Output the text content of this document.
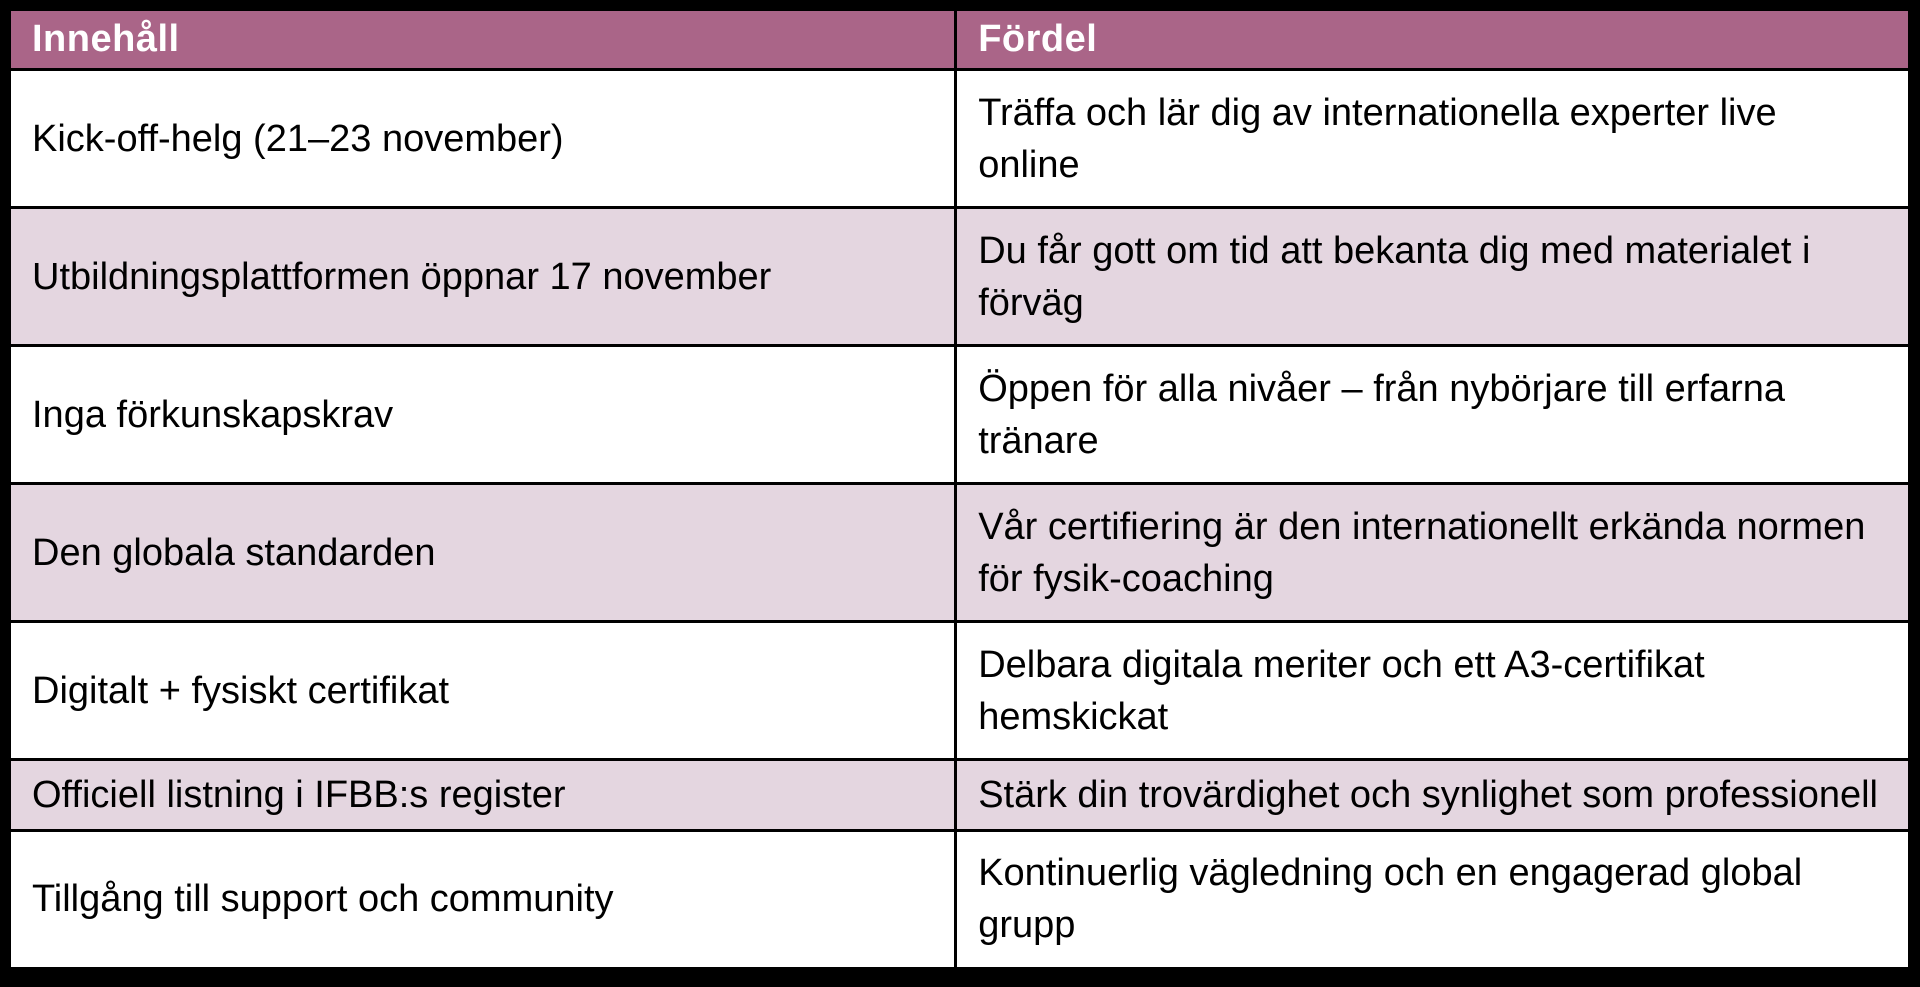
Innehåll	Fördel
Kick-off-helg (21–23 november)	Träffa och lär dig av internationella experter live online
Utbildningsplattformen öppnar 17 november	Du får gott om tid att bekanta dig med materialet i förväg
Inga förkunskapskrav	Öppen för alla nivåer – från nybörjare till erfarna tränare
Den globala standarden	Vår certifiering är den internationellt erkända normen för fysik-coaching
Digitalt + fysiskt certifikat	Delbara digitala meriter och ett A3-certifikat hemskickat
Officiell listning i IFBB:s register	Stärk din trovärdighet och synlighet som professionell
Tillgång till support och community	Kontinuerlig vägledning och en engagerad global grupp
